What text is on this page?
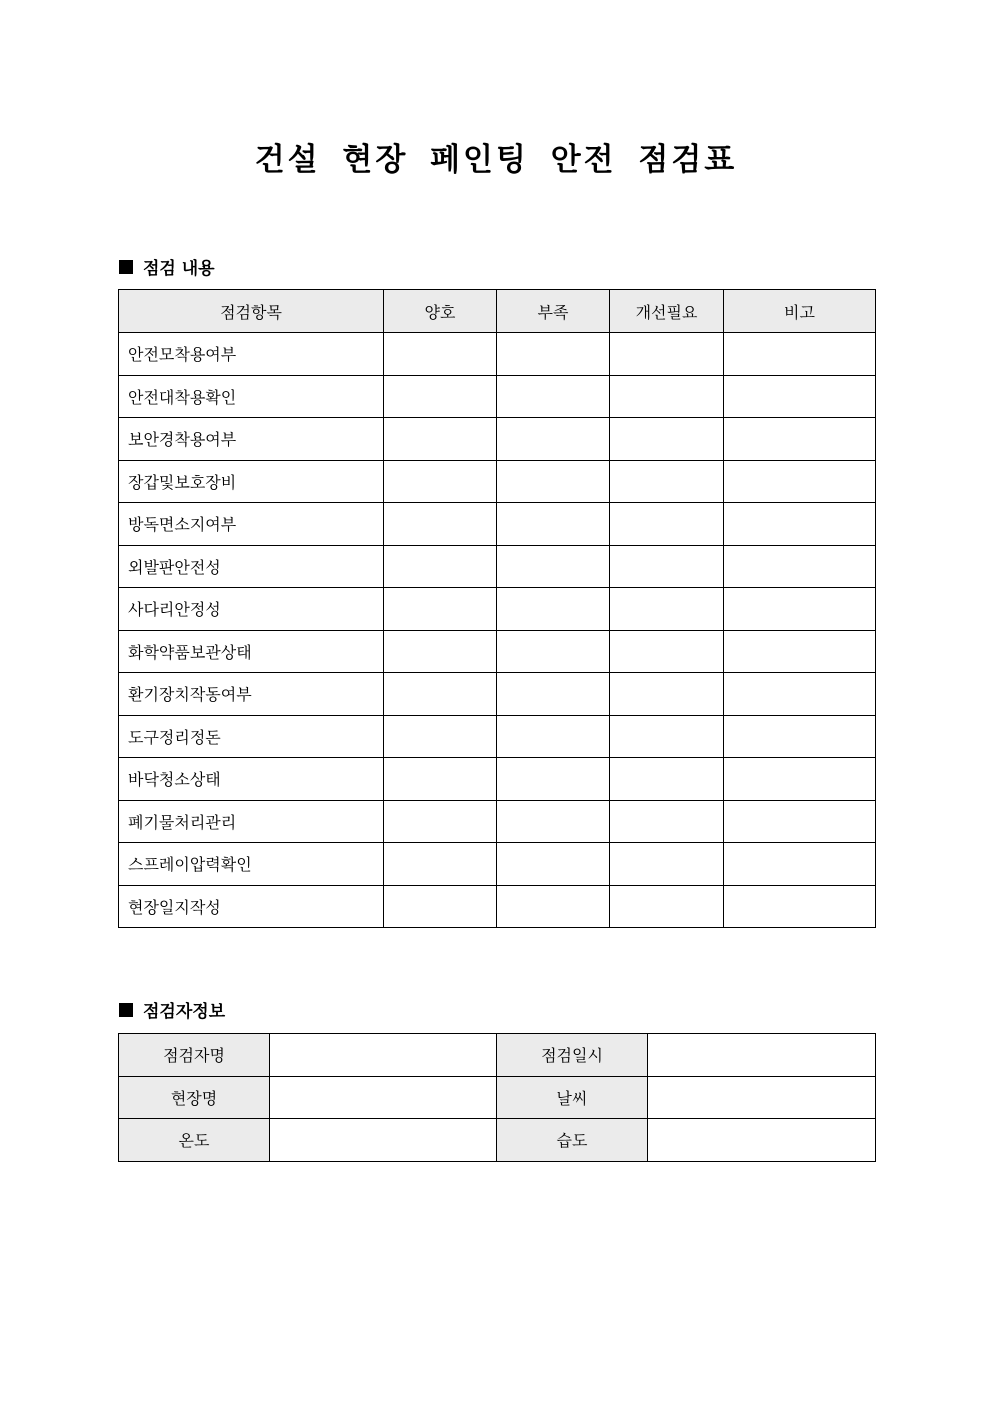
건설 현장 페인팅 안전 점검표
점검 내용
점검항목	양호	부족	개선필요	비고
안전모착용여부				
안전대착용확인				
보안경착용여부				
장갑및보호장비				
방독면소지여부				
외발판안전성				
사다리안정성				
화학약품보관상태				
환기장치작동여부				
도구정리정돈				
바닥청소상태				
폐기물처리관리				
스프레이압력확인				
현장일지작성				
점검자정보
점검자명		점검일시	
현장명		날씨	
온도		습도	
